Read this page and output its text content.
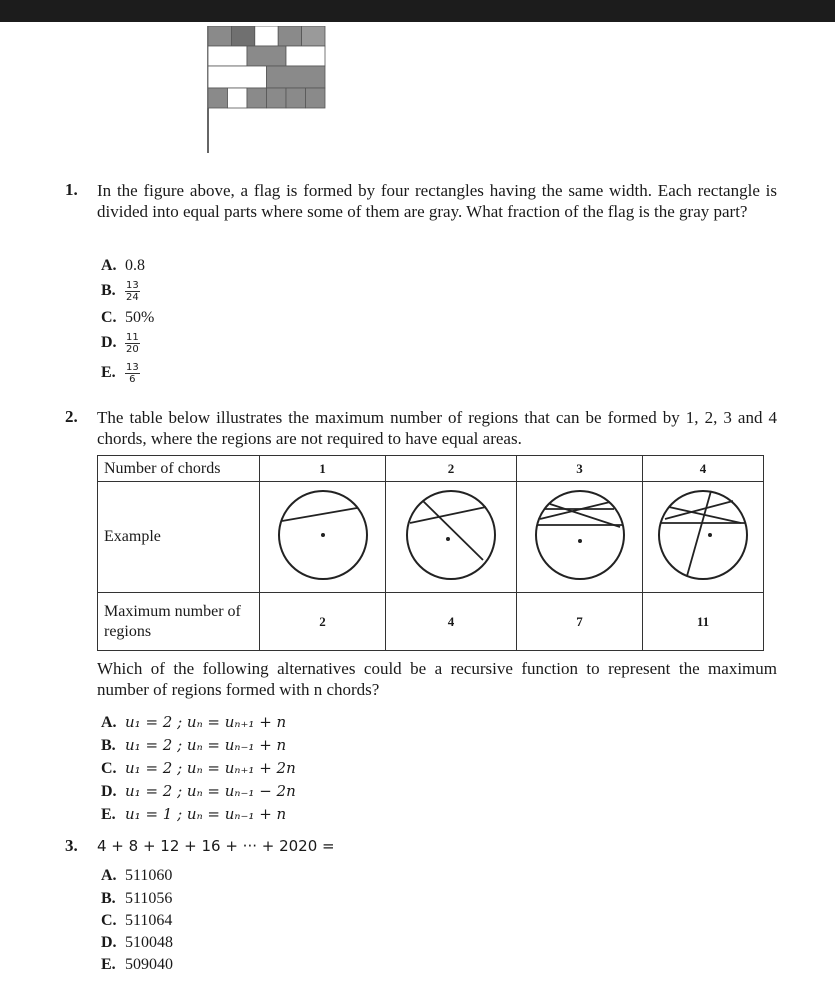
1. In the figure above, a flag is formed by four rectangles having the same width. Each rectangle is divided into equal parts where some of them are gray. What fraction of the flag is the gray part?
A. 0.8
B. $\frac{13}{24}$
C. 50%
D. $\frac{11}{20}$
E. $\frac{13}{6}$
2. The table below illustrates the maximum number of regions that can be formed by 1, 2, 3 and 4 chords, where the regions are not required to have equal areas.
Number of chords	1	2	3	4
Example				
Maximum number of regions	2	4	7	11
Which of the following alternatives could be a recursive function to represent the maximum number of regions formed with n chords?
A. u₁ = 2 ; uₙ = uₙ₊₁ + n
B. u₁ = 2 ; uₙ = uₙ₋₁ + n
C. u₁ = 2 ; uₙ = uₙ₊₁ + 2n
D. u₁ = 2 ; uₙ = uₙ₋₁ − 2n
E. u₁ = 1 ; uₙ = uₙ₋₁ + n
3. 4 + 8 + 12 + 16 + ··· + 2020 =
A. 511060
B. 511056
C. 511064
D. 510048
E. 509040
